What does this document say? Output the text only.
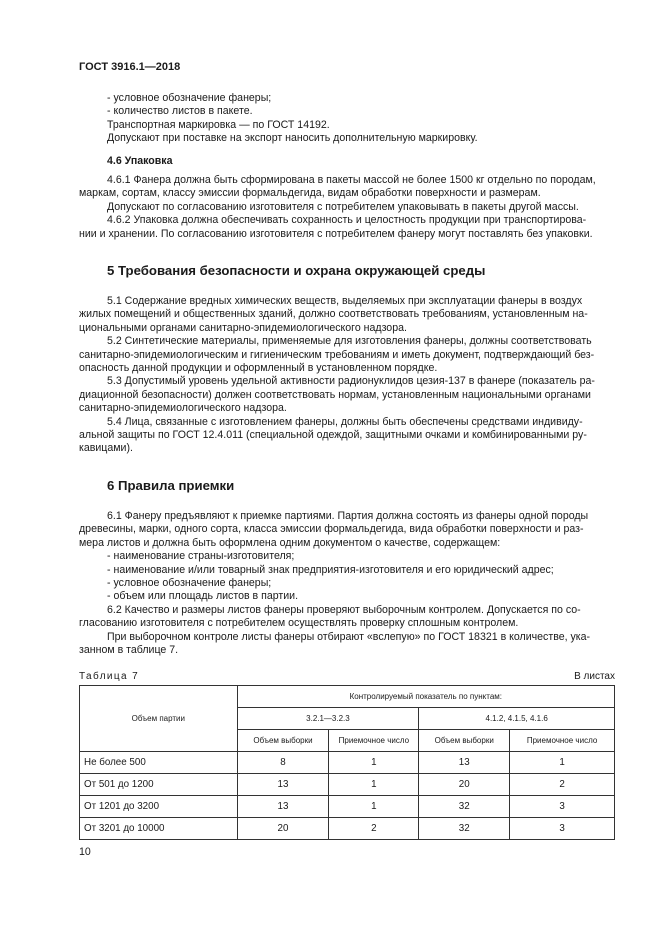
ГОСТ 3916.1—2018
- условное обозначение фанеры;
- количество листов в пакете.
Транспортная маркировка — по ГОСТ 14192.
Допускают при поставке на экспорт наносить дополнительную маркировку.
4.6 Упаковка
4.6.1 Фанера должна быть сформирована в пакеты массой не более 1500 кг отдельно по породам,
маркам, сортам, классу эмиссии формальдегида, видам обработки поверхности и размерам.
Допускают по согласованию изготовителя с потребителем упаковывать в пакеты другой массы.
4.6.2 Упаковка должна обеспечивать сохранность и целостность продукции при транспортирова-
нии и хранении. По согласованию изготовителя с потребителем фанеру могут поставлять без упаковки.
5 Требования безопасности и охрана окружающей среды
5.1 Содержание вредных химических веществ, выделяемых при эксплуатации фанеры в воздух
жилых помещений и общественных зданий, должно соответствовать требованиям, установленным на-
циональными органами санитарно-эпидемиологического надзора.
5.2 Синтетические материалы, применяемые для изготовления фанеры, должны соответствовать
санитарно-эпидемиологическим и гигиеническим требованиям и иметь документ, подтверждающий без-
опасность данной продукции и оформленный в установленном порядке.
5.3 Допустимый уровень удельной активности радионуклидов цезия-137 в фанере (показатель ра-
диационной безопасности) должен соответствовать нормам, установленным национальными органами
санитарно-эпидемиологического надзора.
5.4 Лица, связанные с изготовлением фанеры, должны быть обеспечены средствами индивиду-
альной защиты по ГОСТ 12.4.011 (специальной одеждой, защитными очками и комбинированными ру-
кавицами).
6 Правила приемки
6.1 Фанеру предъявляют к приемке партиями. Партия должна состоять из фанеры одной породы
древесины, марки, одного сорта, класса эмиссии формальдегида, вида обработки поверхности и раз-
мера листов и должна быть оформлена одним документом о качестве, содержащем:
- наименование страны-изготовителя;
- наименование и/или товарный знак предприятия-изготовителя и его юридический адрес;
- условное обозначение фанеры;
- объем или площадь листов в партии.
6.2 Качество и размеры листов фанеры проверяют выборочным контролем. Допускается по со-
гласованию изготовителя с потребителем осуществлять проверку сплошным контролем.
При выборочном контроле листы фанеры отбирают «вслепую» по ГОСТ 18321 в количестве, ука-
занном в таблице 7.
Таблица 7	В листах
Объем партии	Контролируемый показатель по пунктам:			
	3.2.1—3.2.3		4.1.2, 4.1.5, 4.1.6	
	Объем выборки	Приемочное число	Объем выборки	Приемочное число
Не более 500	8	1	13	1
От 501 до 1200	13	1	20	2
От 1201 до 3200	13	1	32	3
От 3201 до 10000	20	2	32	3
10
